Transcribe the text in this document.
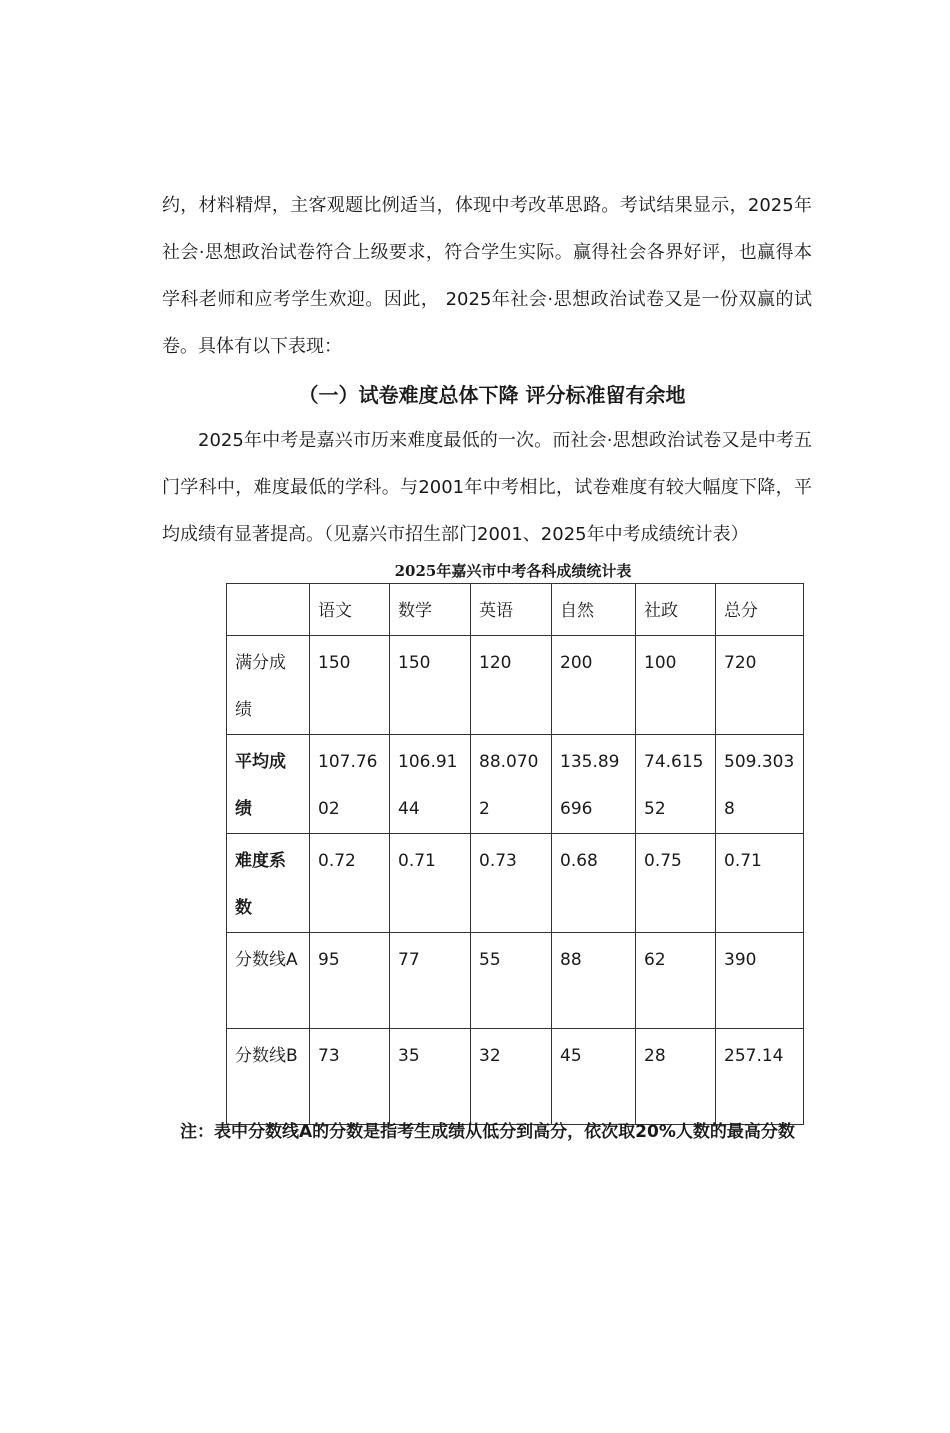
约，材料精焊，主客观题比例适当，体现中考改革思路。考试结果显示，2025年社会·思想政治试卷符合上级要求，符合学生实际。赢得社会各界好评，也赢得本学科老师和应考学生欢迎。因此， 2025年社会·思想政治试卷又是一份双赢的试卷。具体有以下表现：

（一）试卷难度总体下降 评分标准留有余地

2025年中考是嘉兴市历来难度最低的一次。而社会·思想政治试卷又是中考五门学科中，难度最低的学科。与2001年中考相比，试卷难度有较大幅度下降，平均成绩有显著提高。（见嘉兴市招生部门2001、2025年中考成绩统计表）

2025年嘉兴市中考各科成绩统计表

	语文	数学	英语	自然	社政	总分
满分成绩	150	150	120	200	100	720
平均成绩	107.7602	106.9144	88.0702	135.89696	74.61552	509.3038
难度系数	0.72	0.71	0.73	0.68	0.75	0.71
分数线A	95	77	55	88	62	390
分数线B	73	35	32	45	28	257.14

注：表中分数线A的分数是指考生成绩从低分到高分，依次取20%人数的最高分数
